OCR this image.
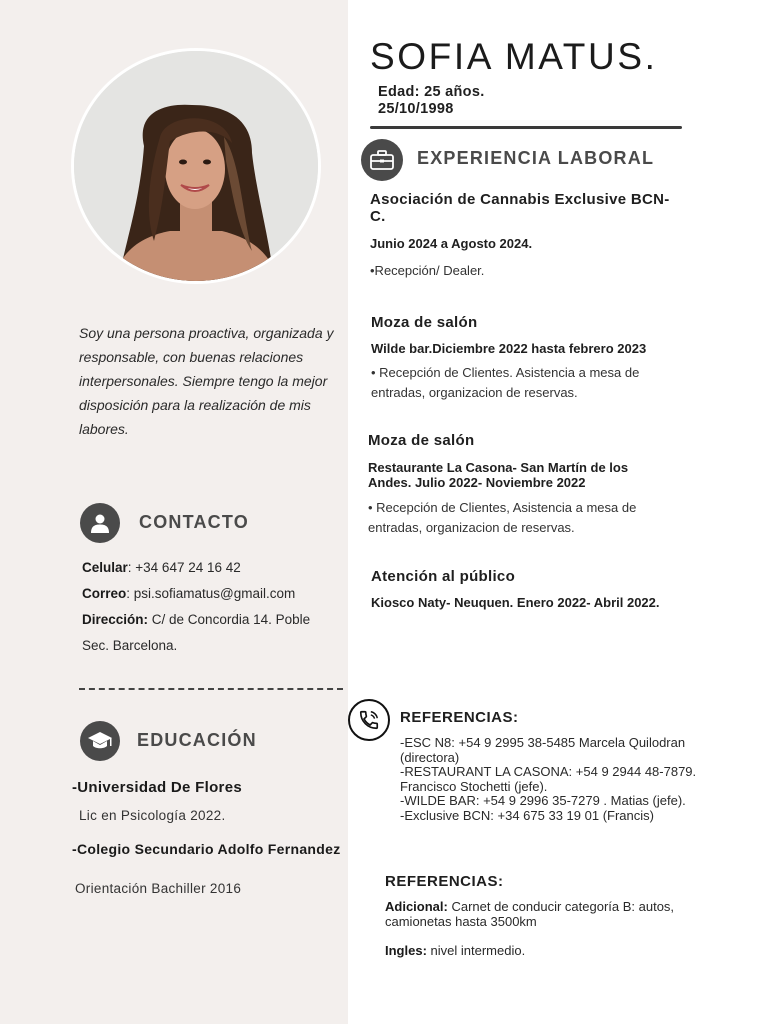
Soy una persona proactiva, organizada y responsable, con buenas relaciones interpersonales. Siempre tengo la mejor disposición para la realización de mis labores.

CONTACTO
Celular: +34 647 24 16 42
Correo: psi.sofiamatus@gmail.com
Dirección: C/ de Concordia 14. Poble Sec. Barcelona.
EDUCACIÓN
-Universidad De Flores
Lic en Psicología 2022.
-Colegio Secundario Adolfo Fernandez
Orientación Bachiller 2016
SOFIA MATUS.
Edad: 25 años.
25/10/1998
EXPERIENCIA LABORAL
Asociación de Cannabis Exclusive BCN- C.
Junio 2024 a Agosto 2024.
•Recepción/ Dealer.
Moza de salón
Wilde bar.Diciembre 2022 hasta febrero 2023
• Recepción de Clientes. Asistencia a mesa de entradas, organizacion de reservas.
Moza de salón
Restaurante La Casona- San Martín de los Andes. Julio 2022- Noviembre 2022
• Recepción de Clientes, Asistencia a mesa de entradas, organizacion de reservas.
Atención al público
Kiosco Naty- Neuquen. Enero 2022- Abril 2022.
REFERENCIAS:
-ESC N8: +54 9 2995 38-5485 Marcela Quilodran (directora)
-RESTAURANT LA CASONA: +54 9 2944 48-7879. Francisco Stochetti (jefe).
-WILDE BAR: +54 9 2996 35-7279 . Matias (jefe).
-Exclusive BCN: +34 675 33 19 01 (Francis)
REFERENCIAS:
Adicional: Carnet de conducir categoría B: autos, camionetas hasta 3500km
Ingles: nivel intermedio.
